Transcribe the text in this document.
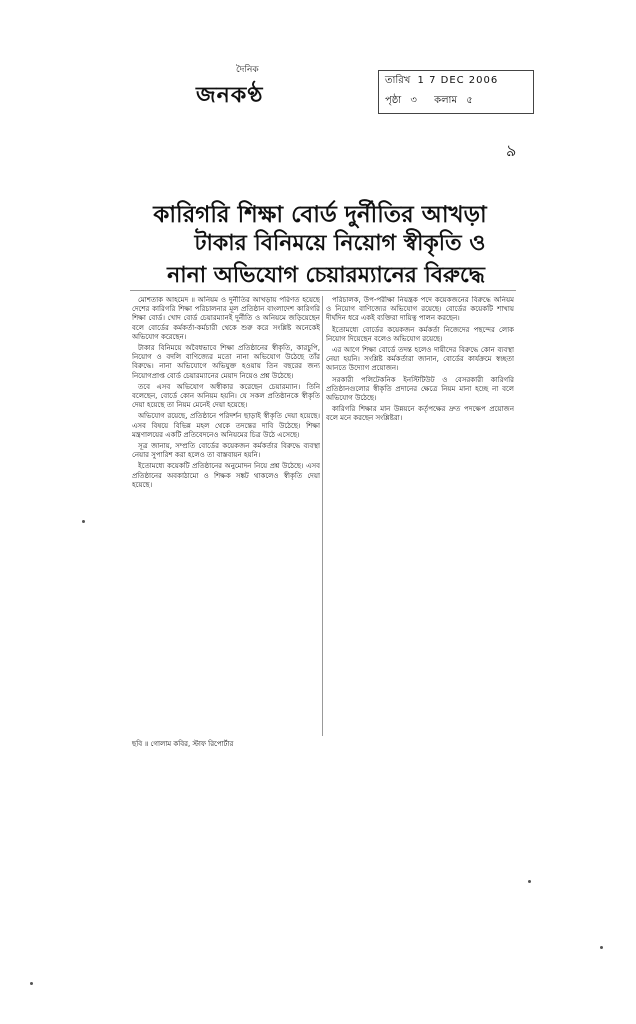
দৈনিক
জনকণ্ঠ
তারিখ 1 7 DEC 2006
পৃষ্ঠা ৩ কলাম ৫
৯
কারিগরি শিক্ষা বোর্ড দুর্নীতির আখড়া
টাকার বিনিময়ে নিয়োগ স্বীকৃতি ও
নানা অভিযোগ চেয়ারম্যানের বিরুদ্ধে

মোশতাক আহমেদ ॥ অনিয়ম ও দুর্নীতির আখড়ায় পরিণত হয়েছে দেশের কারিগরি শিক্ষা পরিচালনার মূল প্রতিষ্ঠান বাংলাদেশ কারিগরি শিক্ষা বোর্ড। খোদ বোর্ড চেয়ারম্যানই দুর্নীতি ও অনিয়মে জড়িয়েছেন বলে বোর্ডের কর্মকর্তা-কর্মচারী থেকে শুরু করে সংশ্লিষ্ট অনেকেই অভিযোগ করেছেন।

টাকার বিনিময়ে অবৈধভাবে শিক্ষা প্রতিষ্ঠানের স্বীকৃতি, কারচুপি, নিয়োগ ও বদলি বাণিজ্যের মতো নানা অভিযোগ উঠেছে তাঁর বিরুদ্ধে। নানা অভিযোগে অভিযুক্ত হওয়ায় তিন বছরের জন্য নিয়োগপ্রাপ্ত বোর্ড চেয়ারম্যানের মেয়াদ নিয়েও প্রশ্ন উঠেছে।

তবে এসব অভিযোগ অস্বীকার করেছেন চেয়ারম্যান। তিনি বলেছেন, বোর্ডে কোন অনিয়ম হয়নি। যে সকল প্রতিষ্ঠানকে স্বীকৃতি দেয়া হয়েছে তা নিয়ম মেনেই দেয়া হয়েছে।

অভিযোগ রয়েছে, প্রতিষ্ঠানে পরিদর্শন ছাড়াই স্বীকৃতি দেয়া হয়েছে। এসব বিষয়ে বিভিন্ন মহল থেকে তদন্তের দাবি উঠেছে। শিক্ষা মন্ত্রণালয়ের একটি প্রতিবেদনেও অনিয়মের চিত্র উঠে এসেছে।

সূত্র জানায়, সম্প্রতি বোর্ডের কয়েকজন কর্মকর্তার বিরুদ্ধে ব্যবস্থা নেয়ার সুপারিশ করা হলেও তা বাস্তবায়ন হয়নি।

ইতোমধ্যে কয়েকটি প্রতিষ্ঠানের অনুমোদন নিয়ে প্রশ্ন উঠেছে। এসব প্রতিষ্ঠানের অবকাঠামো ও শিক্ষক সঙ্কট থাকলেও স্বীকৃতি দেয়া হয়েছে।

পরিচালক, উপ-পরীক্ষা নিয়ন্ত্রক পদে কয়েকজনের বিরুদ্ধে অনিয়ম ও নিয়োগ বাণিজ্যের অভিযোগ রয়েছে। বোর্ডের কয়েকটি শাখায় দীর্ঘদিন ধরে একই ব্যক্তিরা দায়িত্ব পালন করছেন।

ইতোমধ্যে বোর্ডের কয়েকজন কর্মকর্তা নিজেদের পছন্দের লোক নিয়োগ দিয়েছেন বলেও অভিযোগ রয়েছে।

এর আগে শিক্ষা বোর্ডে তদন্ত হলেও দায়ীদের বিরুদ্ধে কোন ব্যবস্থা নেয়া হয়নি। সংশ্লিষ্ট কর্মকর্তারা জানান, বোর্ডের কার্যক্রমে স্বচ্ছতা আনতে উদ্যোগ প্রয়োজন।

সরকারী পলিটেকনিক ইনস্টিটিউট ও বেসরকারী কারিগরি প্রতিষ্ঠানগুলোর স্বীকৃতি প্রদানের ক্ষেত্রে নিয়ম মানা হচ্ছে না বলে অভিযোগ উঠেছে।

কারিগরি শিক্ষার মান উন্নয়নে কর্তৃপক্ষের দ্রুত পদক্ষেপ প্রয়োজন বলে মনে করছেন সংশ্লিষ্টরা।

ছবি ॥ গোলাম কবির, স্টাফ রিপোর্টার
